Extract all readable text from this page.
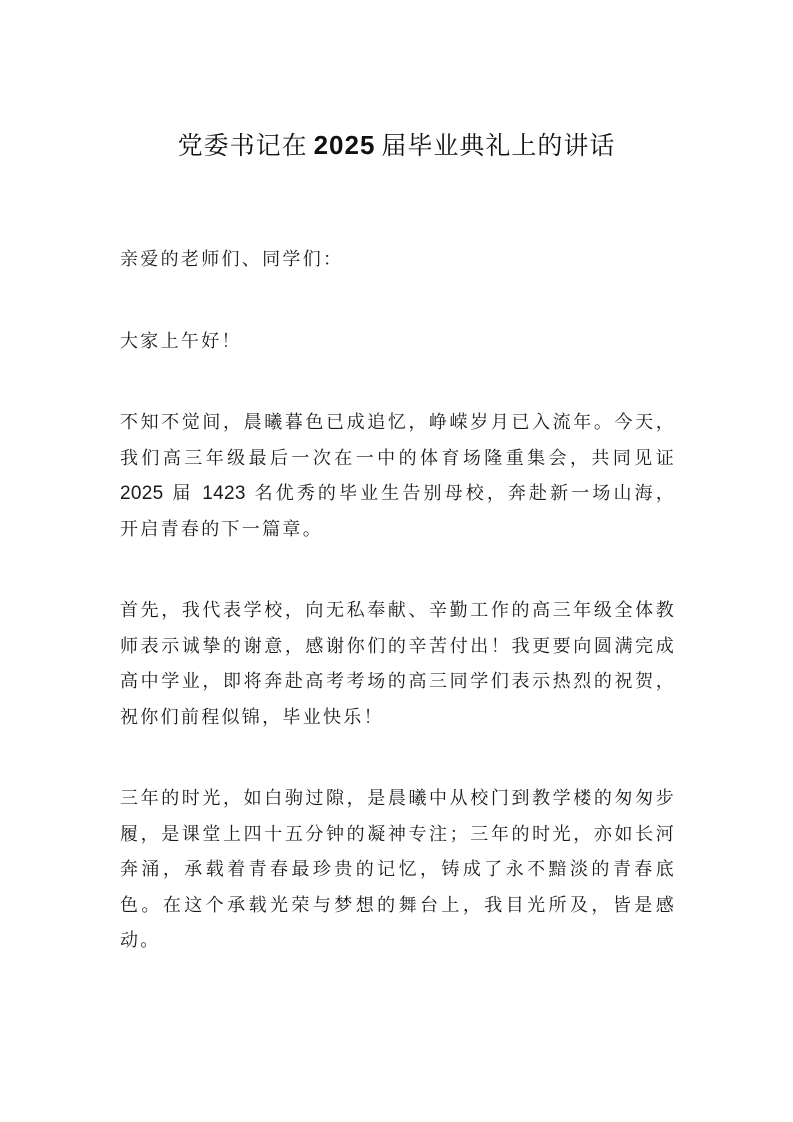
党委书记在 2025 届毕业典礼上的讲话

亲爱的老师们、同学们：

大家上午好！

不知不觉间，晨曦暮色已成追忆，峥嵘岁月已入流年。今天，我们高三年级最后一次在一中的体育场隆重集会，共同见证2025 届 1423 名优秀的毕业生告别母校，奔赴新一场山海，开启青春的下一篇章。

首先，我代表学校，向无私奉献、辛勤工作的高三年级全体教师表示诚挚的谢意，感谢你们的辛苦付出！我更要向圆满完成高中学业，即将奔赴高考考场的高三同学们表示热烈的祝贺，祝你们前程似锦，毕业快乐！

三年的时光，如白驹过隙，是晨曦中从校门到教学楼的匆匆步履，是课堂上四十五分钟的凝神专注；三年的时光，亦如长河奔涌，承载着青春最珍贵的记忆，铸成了永不黯淡的青春底色。在这个承载光荣与梦想的舞台上，我目光所及，皆是感动。
